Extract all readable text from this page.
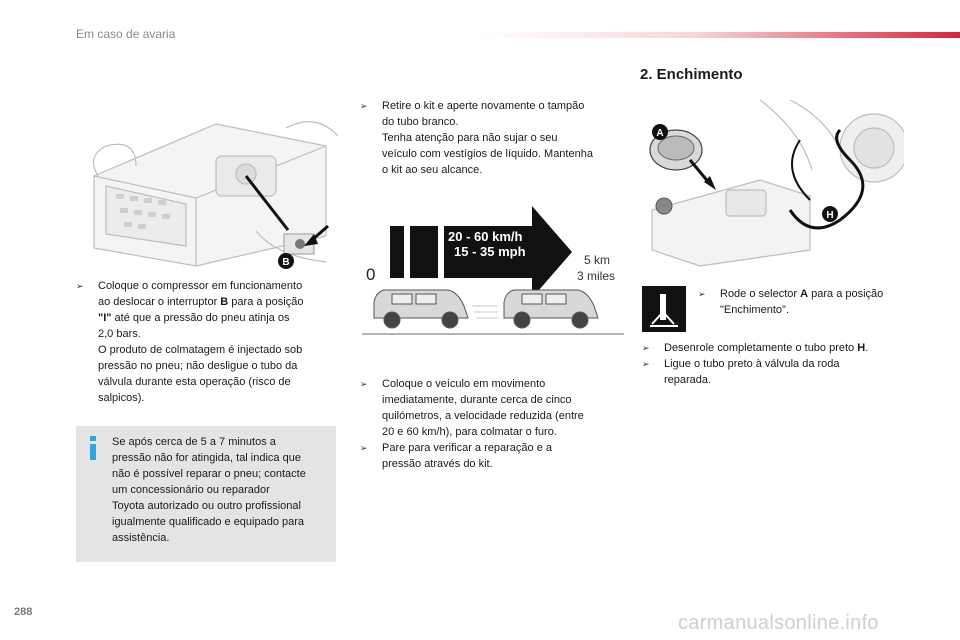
Em caso de avaria
B
➢	Coloque o compressor em funcionamento
ao deslocar o interruptor B para a posição
"I" até que a pressão do pneu atinja os
2,0 bars.
O produto de colmatagem é injectado sob
pressão no pneu; não desligue o tubo da
válvula durante esta operação (risco de
salpicos).
Se após cerca de 5 a 7 minutos a
pressão não for atingida, tal indica que
não é possível reparar o pneu; contacte
um concessionário ou reparador
Toyota autorizado ou outro profissional
igualmente qualificado e equipado para
assistência.
➢	Retire o kit e aperte novamente o tampão
do tubo branco.
Tenha atenção para não sujar o seu
veículo com vestígios de líquido. Mantenha
o kit ao seu alcance.
20 - 60 km/h
15 - 35 mph
0
5 km
3 miles
➢	Coloque o veículo em movimento
imediatamente, durante cerca de cinco
quilómetros, a velocidade reduzida (entre
20 e 60 km/h), para colmatar o furo.
➢	Pare para verificar a reparação e a
pressão através do kit.
2. Enchimento
A
H
➢	Rode o selector A para a posição
"Enchimento".
➢	Desenrole completamente o tubo preto H.
➢	Ligue o tubo preto à válvula da roda
reparada.
288	carmanualsonline.info
